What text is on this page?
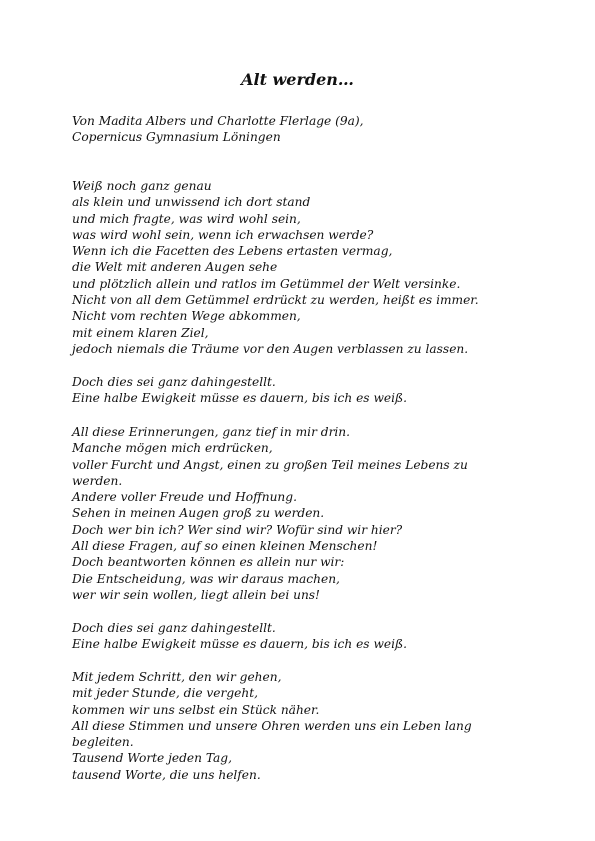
Alt werden…
Von Madita Albers und Charlotte Flerlage (9a),
Copernicus Gymnasium Löningen
Weiß noch ganz genau
als klein und unwissend ich dort stand
und mich fragte, was wird wohl sein,
was wird wohl sein, wenn ich erwachsen werde?
Wenn ich die Facetten des Lebens ertasten vermag,
die Welt mit anderen Augen sehe
und plötzlich allein und ratlos im Getümmel der Welt versinke.
Nicht von all dem Getümmel erdrückt zu werden, heißt es immer.
Nicht vom rechten Wege abkommen,
mit einem klaren Ziel,
jedoch niemals die Träume vor den Augen verblassen zu lassen.
Doch dies sei ganz dahingestellt.
Eine halbe Ewigkeit müsse es dauern, bis ich es weiß.
All diese Erinnerungen, ganz tief in mir drin.
Manche mögen mich erdrücken,
voller Furcht und Angst, einen zu großen Teil meines Lebens zu
werden.
Andere voller Freude und Hoffnung.
Sehen in meinen Augen groß zu werden.
Doch wer bin ich? Wer sind wir? Wofür sind wir hier?
All diese Fragen, auf so einen kleinen Menschen!
Doch beantworten können es allein nur wir:
Die Entscheidung, was wir daraus machen,
wer wir sein wollen, liegt allein bei uns!
Doch dies sei ganz dahingestellt.
Eine halbe Ewigkeit müsse es dauern, bis ich es weiß.
Mit jedem Schritt, den wir gehen,
mit jeder Stunde, die vergeht,
kommen wir uns selbst ein Stück näher.
All diese Stimmen und unsere Ohren werden uns ein Leben lang
begleiten.
Tausend Worte jeden Tag,
tausend Worte, die uns helfen.
